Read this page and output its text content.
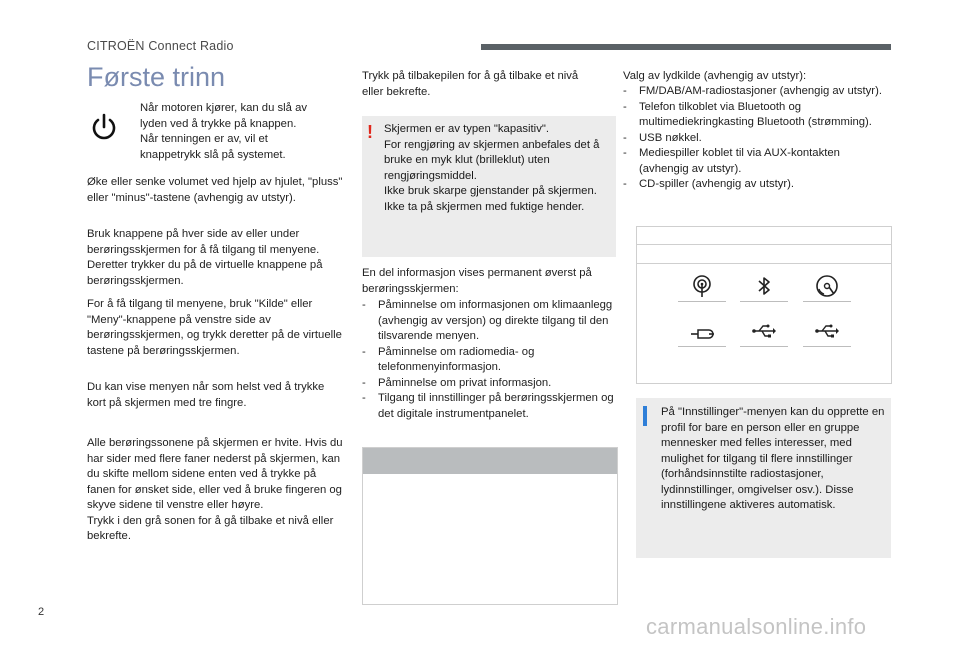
CITROËN Connect Radio
Første trinn
Når motoren kjører, kan du slå av lyden ved å trykke på knappen.
Når tenningen er av, vil et knappetrykk slå på systemet.
Øke eller senke volumet ved hjelp av hjulet, "pluss" eller "minus"-tastene (avhengig av utstyr).
Bruk knappene på hver side av eller under berøringsskjermen for å få tilgang til menyene. Deretter trykker du på de virtuelle knappene på berøringsskjermen.
For å få tilgang til menyene, bruk "Kilde" eller "Meny"-knappene på venstre side av berøringsskjermen, og trykk deretter på de virtuelle tastene på berøringsskjermen.
Du kan vise menyen når som helst ved å trykke kort på skjermen med tre fingre.
Alle berøringssonene på skjermen er hvite. Hvis du har sider med flere faner nederst på skjermen, kan du skifte mellom sidene enten ved å trykke på fanen for ønsket side, eller ved å bruke fingeren og skyve sidene til venstre eller høyre.
Trykk i den grå sonen for å gå tilbake et nivå eller bekrefte.
Trykk på tilbakepilen for å gå tilbake et nivå eller bekrefte.
! Skjermen er av typen "kapasitiv".
For rengjøring av skjermen anbefales det å bruke en myk klut (brilleklut) uten rengjøringsmiddel.
Ikke bruk skarpe gjenstander på skjermen.
Ikke ta på skjermen med fuktige hender.
En del informasjon vises permanent øverst på berøringsskjermen:
- Påminnelse om informasjonen om klimaanlegg (avhengig av versjon) og direkte tilgang til den tilsvarende menyen.
- Påminnelse om radiomedia- og telefonmenyinformasjon.
- Påminnelse om privat informasjon.
- Tilgang til innstillinger på berøringsskjermen og det digitale instrumentpanelet.
Valg av lydkilde (avhengig av utstyr):
- FM/DAB/AM-radiostasjoner (avhengig av utstyr).
- Telefon tilkoblet via Bluetooth og multimediekringkasting Bluetooth (strømming).
- USB nøkkel.
- Mediespiller koblet til via AUX-kontakten (avhengig av utstyr).
- CD-spiller (avhengig av utstyr).
På "Innstillinger"-menyen kan du opprette en profil for bare en person eller en gruppe mennesker med felles interesser, med mulighet for tilgang til flere innstillinger (forhåndsinnstilte radiostasjoner, lydinnstillinger, omgivelser osv.). Disse innstillingene aktiveres automatisk.
2
carmanualsonline.info
